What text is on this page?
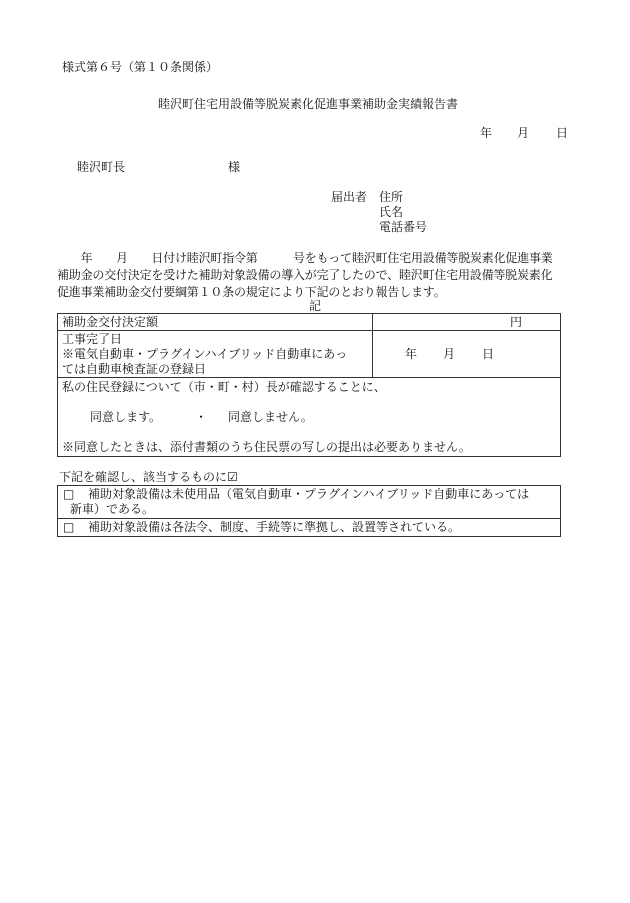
様式第６号（第１０条関係）
睦沢町住宅用設備等脱炭素化促進事業補助金実績報告書
年 月 日
睦沢町長	様
届出者 住所
氏名
電話番号
　　年　　月　　日付け睦沢町指令第　　　号をもって睦沢町住宅用設備等脱炭素化促進事業補助金の交付決定を受けた補助対象設備の導入が完了したので、睦沢町住宅用設備等脱炭素化促進事業補助金交付要綱第１０条の規定により下記のとおり報告します。
記
補助金交付決定額	円
工事完了日
※電気自動車・プラグインハイブリッド自動車にあっ
ては自動車検査証の登録日
年 月 日
私の住民登録について（市・町・村）長が確認することに、
同意します。	・ 同意しません。
※同意したときは、添付書類のうち住民票の写しの提出は必要ありません。
下記を確認し、該当するものに☑
□ 補助対象設備は未使用品（電気自動車・プラグインハイブリッド自動車にあっては
新車）である。
□ 補助対象設備は各法令、制度、手続等に準拠し、設置等されている。
